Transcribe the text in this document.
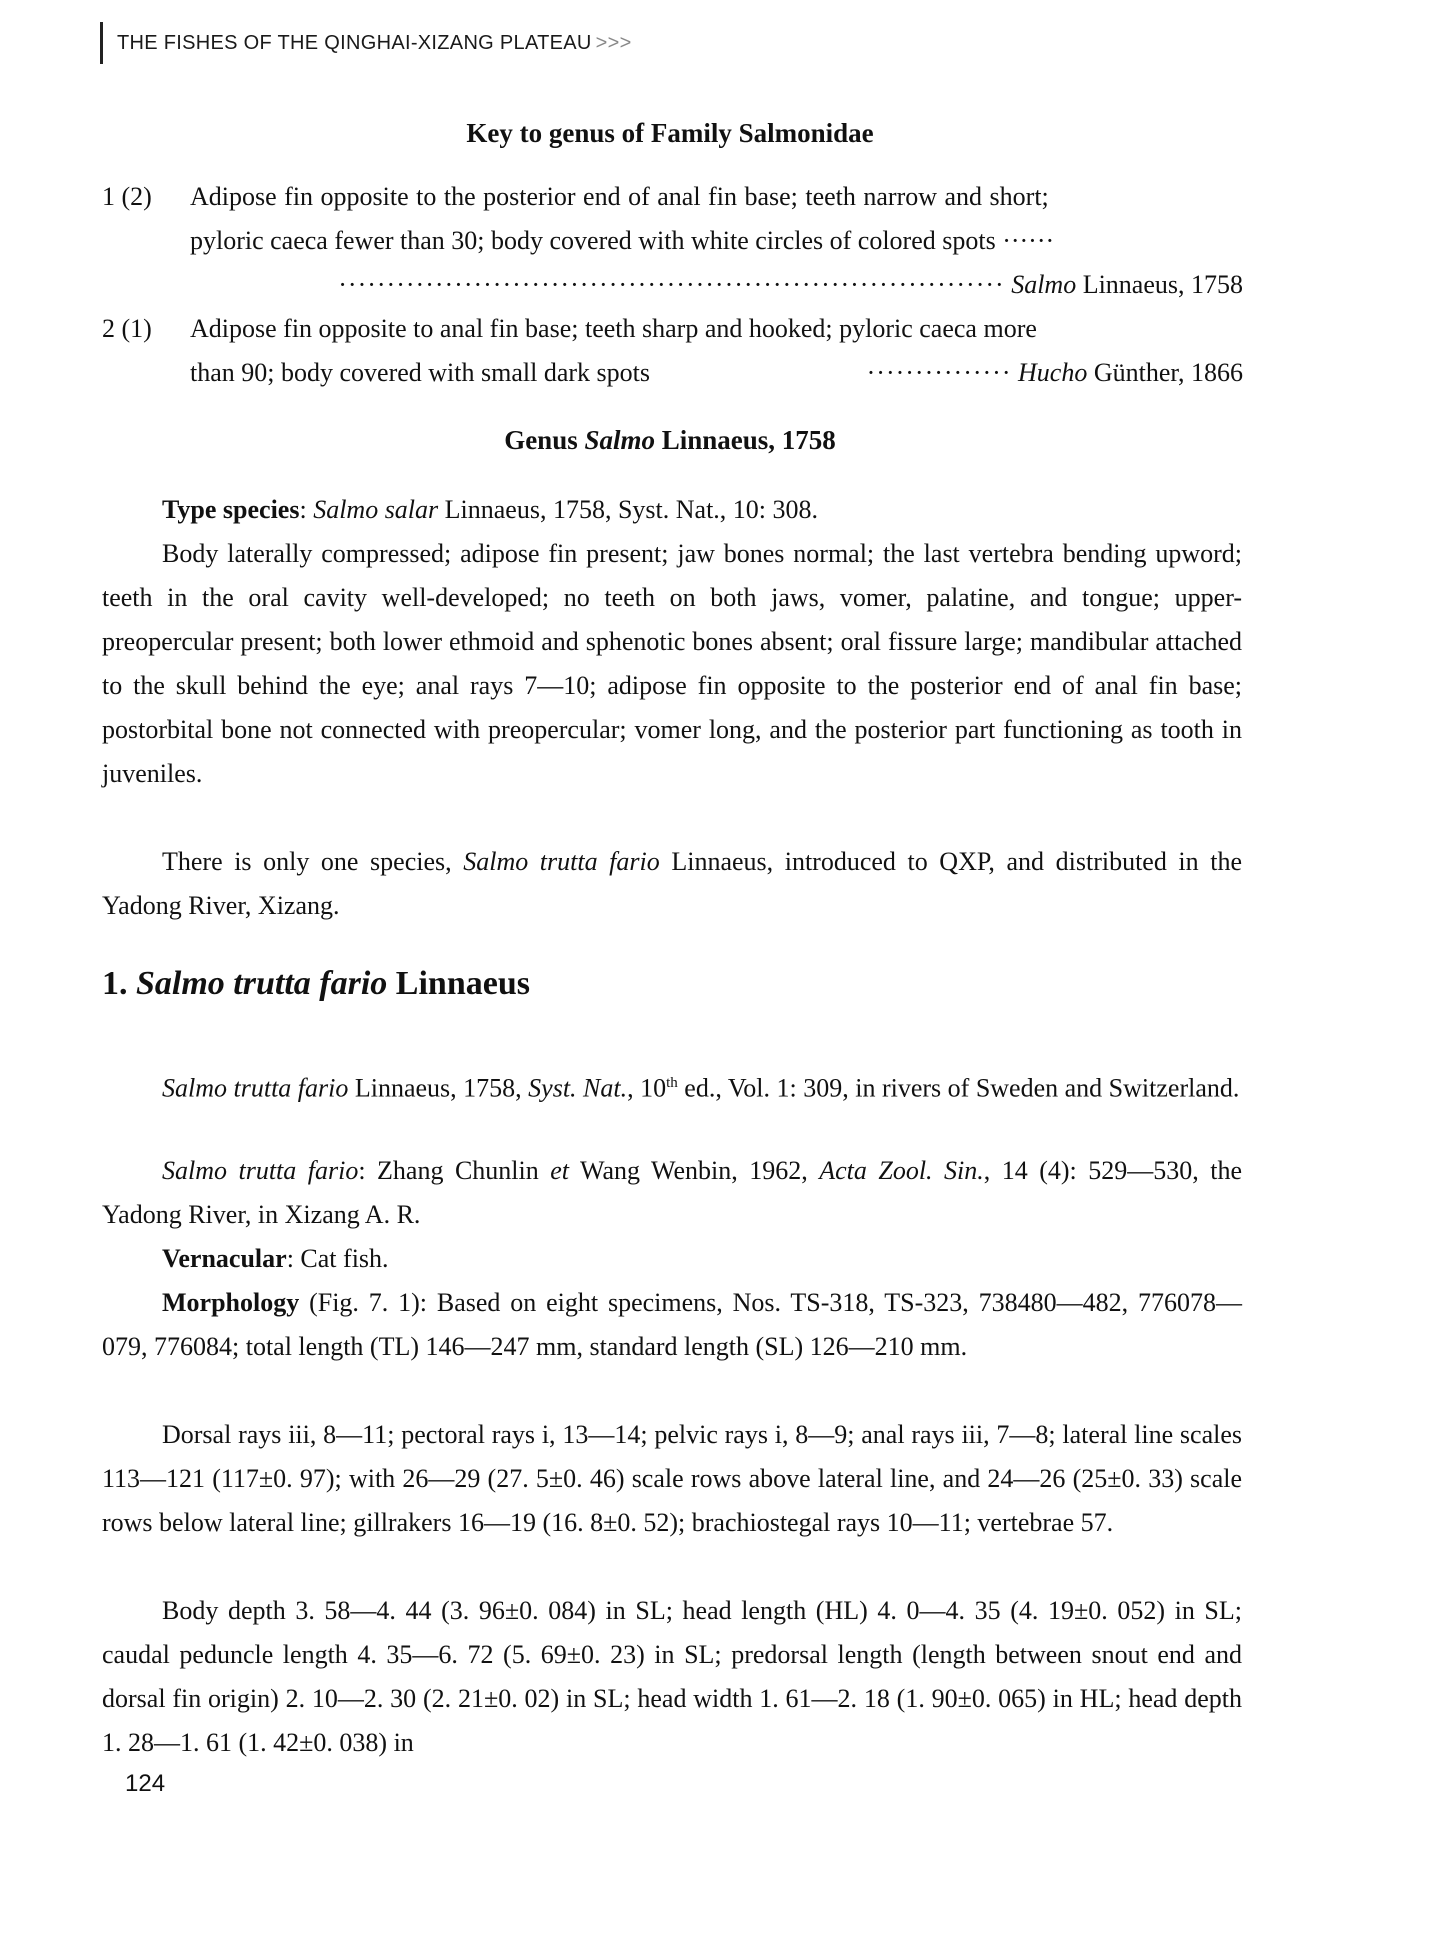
THE FISHES OF THE QINGHAI-XIZANG PLATEAU >>>
Key to genus of Family Salmonidae
1 (2) Adipose fin opposite to the posterior end of anal fin base; teeth narrow and short;
pyloric caeca fewer than 30; body covered with white circles of colored spots ······
····································································· Salmo Linnaeus, 1758
2 (1) Adipose fin opposite to anal fin base; teeth sharp and hooked; pyloric caeca more
than 90; body covered with small dark spots	··············· Hucho Günther, 1866
Genus Salmo Linnaeus, 1758
Type species: Salmo salar Linnaeus, 1758, Syst. Nat., 10: 308.
Body laterally compressed; adipose fin present; jaw bones normal; the last vertebra bending upword; teeth in the oral cavity well-developed; no teeth on both jaws, vomer, palatine, and tongue; upper-preopercular present; both lower ethmoid and sphenotic bones absent; oral fissure large; mandibular attached to the skull behind the eye; anal rays 7—10; adipose fin opposite to the posterior end of anal fin base; postorbital bone not connected with preopercular; vomer long, and the posterior part functioning as tooth in juveniles.
There is only one species, Salmo trutta fario Linnaeus, introduced to QXP, and distributed in the Yadong River, Xizang.
1. Salmo trutta fario Linnaeus
Salmo trutta fario Linnaeus, 1758, Syst. Nat., 10th ed., Vol. 1: 309, in rivers of Sweden and Switzerland.
Salmo trutta fario: Zhang Chunlin et Wang Wenbin, 1962, Acta Zool. Sin., 14 (4): 529—530, the Yadong River, in Xizang A. R.
Vernacular: Cat fish.
Morphology (Fig. 7. 1): Based on eight specimens, Nos. TS-318, TS-323, 738480—482, 776078—079, 776084; total length (TL) 146—247 mm, standard length (SL) 126—210 mm.
Dorsal rays iii, 8—11; pectoral rays i, 13—14; pelvic rays i, 8—9; anal rays iii, 7—8; lateral line scales 113—121 (117±0. 97); with 26—29 (27. 5±0. 46) scale rows above lateral line, and 24—26 (25±0. 33) scale rows below lateral line; gillrakers 16—19 (16. 8±0. 52); brachiostegal rays 10—11; vertebrae 57.
Body depth 3. 58—4. 44 (3. 96±0. 084) in SL; head length (HL) 4. 0—4. 35 (4. 19±0. 052) in SL; caudal peduncle length 4. 35—6. 72 (5. 69±0. 23) in SL; predorsal length (length between snout end and dorsal fin origin) 2. 10—2. 30 (2. 21±0. 02) in SL; head width 1. 61—2. 18 (1. 90±0. 065) in HL; head depth 1. 28—1. 61 (1. 42±0. 038) in
124
